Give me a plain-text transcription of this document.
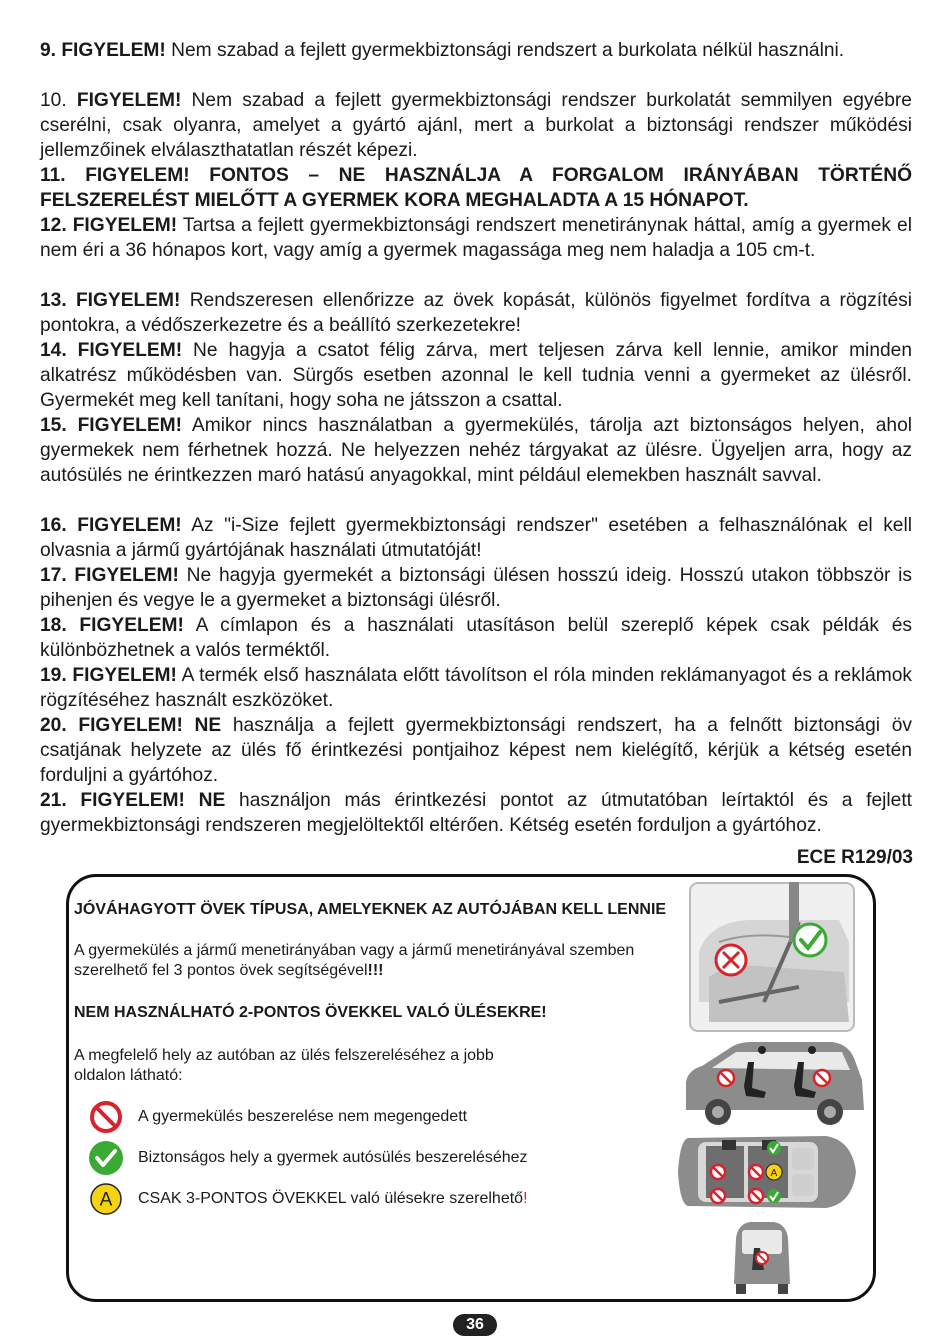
9. FIGYELEM! Nem szabad a fejlett gyermekbiztonsági rendszert a burkolata nélkül használni.
10. FIGYELEM! Nem szabad a fejlett gyermekbiztonsági rendszer burkolatát semmilyen egyébre cserélni, csak olyanra, amelyet a gyártó ajánl, mert a burkolat a biztonsági rendszer működési jellemzőinek elválaszthatatlan részét képezi.
11. FIGYELEM! FONTOS – NE HASZNÁLJA A FORGALOM IRÁNYÁBAN TÖRTÉNŐ FELSZERELÉST MIELŐTT A GYERMEK KORA MEGHALADTA A 15 HÓNAPOT.
12. FIGYELEM! Tartsa a fejlett gyermekbiztonsági rendszert menetiránynak háttal, amíg a gyermek el nem éri a 36 hónapos kort, vagy amíg a gyermek magassága meg nem haladja a 105 cm-t.
13. FIGYELEM! Rendszeresen ellenőrizze az övek kopását, különös figyelmet fordítva a rögzítési pontokra, a védőszerkezetre és a beállító szerkezetekre!
14. FIGYELEM! Ne hagyja a csatot félig zárva, mert teljesen zárva kell lennie, amikor minden alkatrész működésben van. Sürgős esetben azonnal le kell tudnia venni a gyermeket az ülésről. Gyermekét meg kell tanítani, hogy soha ne játsszon a csattal.
15. FIGYELEM! Amikor nincs használatban a gyermekülés, tárolja azt biztonságos helyen, ahol gyermekek nem férhetnek hozzá. Ne helyezzen nehéz tárgyakat az ülésre. Ügyeljen arra, hogy az autósülés ne érintkezzen maró hatású anyagokkal, mint például elemekben használt savval.
16. FIGYELEM! Az "i-Size fejlett gyermekbiztonsági rendszer" esetében a felhasználónak el kell olvasnia a jármű gyártójának használati útmutatóját!
17. FIGYELEM! Ne hagyja gyermekét a biztonsági ülésen hosszú ideig. Hosszú utakon többször is pihenjen és vegye le a gyermeket a biztonsági ülésről.
18. FIGYELEM! A címlapon és a használati utasításon belül szereplő képek csak példák és különbözhetnek a valós terméktől.
19. FIGYELEM! A termék első használata előtt távolítson el róla minden reklámanyagot és a reklámok rögzítéséhez használt eszközöket.
20. FIGYELEM! NE használja a fejlett gyermekbiztonsági rendszert, ha a felnőtt biztonsági öv csatjának helyzete az ülés fő érintkezési pontjaihoz képest nem kielégítő, kérjük a kétség esetén forduljni a gyártóhoz.
21. FIGYELEM! NE használjon más érintkezési pontot az útmutatóban leírtaktól és a fejlett gyermekbiztonsági rendszeren megjelöltektől eltérően. Kétség esetén forduljon a gyártóhoz.
ECE R129/03
JÓVÁHAGYOTT ÖVEK TÍPUSA, AMELYEKNEK AZ AUTÓJÁBAN KELL LENNIE
A gyermekülés a jármű menetirányában vagy a jármű menetirányával szemben szerelhető fel 3 pontos övek segítségével!!!
NEM HASZNÁLHATÓ 2-PONTOS ÖVEKKEL VALÓ ÜLÉSEKRE!
A megfelelő hely az autóban az ülés felszereléséhez a jobb oldalon látható:
A gyermekülés beszerelése nem megengedett
Biztonságos hely a gyermek autósülés beszereléséhez
A CSAK 3-PONTOS ÖVEKKEL való ülésekre szerelhető!
A
36
